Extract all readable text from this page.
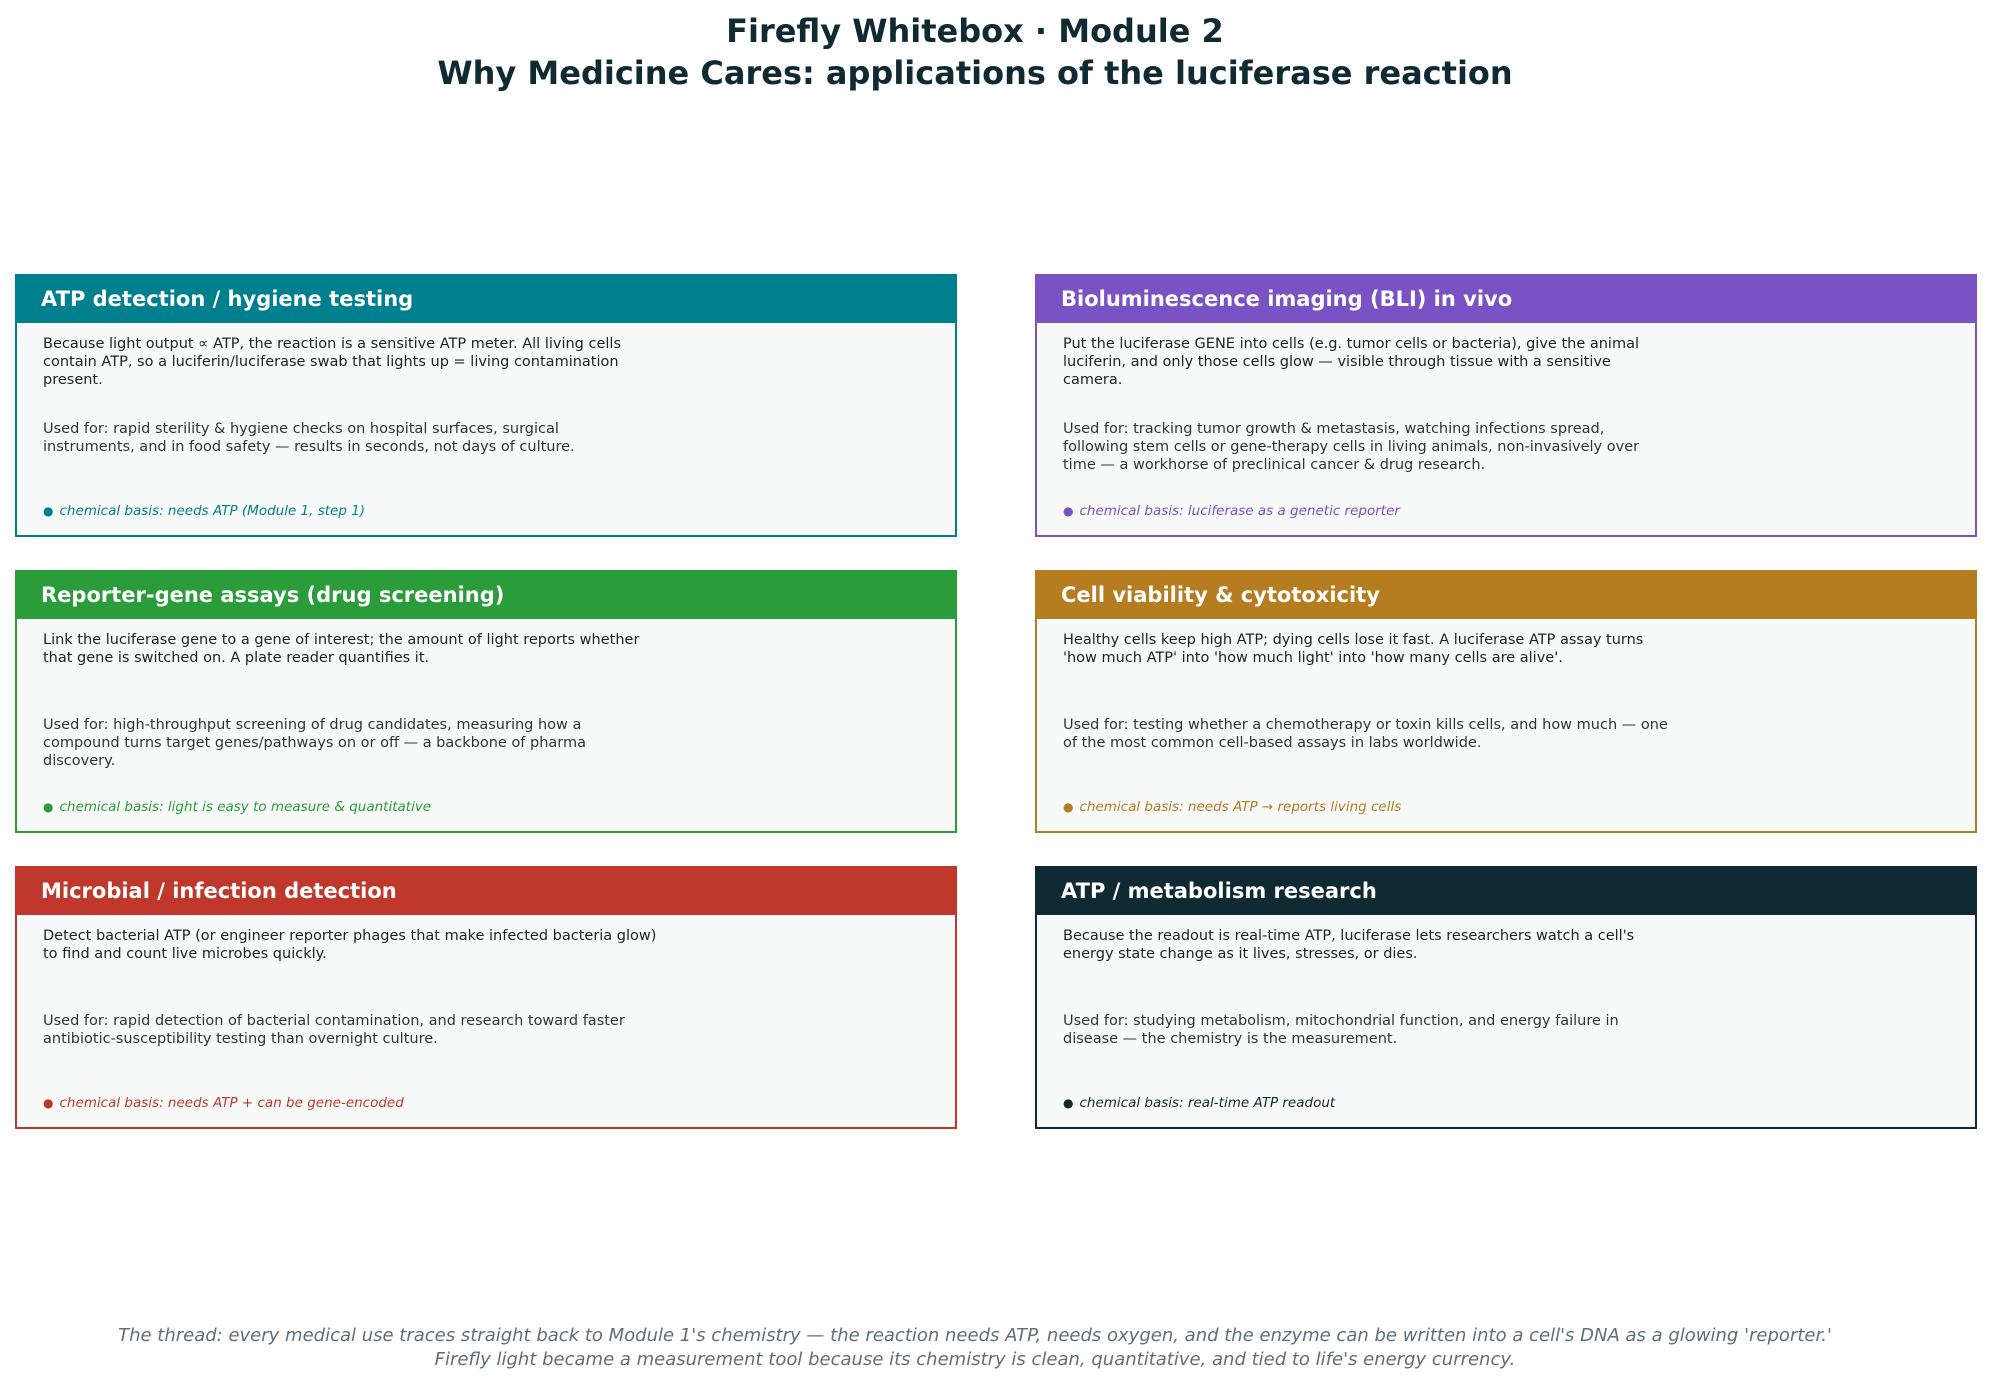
Firefly Whitebox · Module 2
Why Medicine Cares: applications of the luciferase reaction
ATP detection / hygiene testing
Because light output ∝ ATP, the reaction is a sensitive ATP meter. All living cells contain ATP, so a luciferin/luciferase swab that lights up = living contamination present.
Used for: rapid sterility & hygiene checks on hospital surfaces, surgical instruments, and in food safety — results in seconds, not days of culture.
● chemical basis: needs ATP (Module 1, step 1)
Bioluminescence imaging (BLI) in vivo
Put the luciferase GENE into cells (e.g. tumor cells or bacteria), give the animal luciferin, and only those cells glow — visible through tissue with a sensitive camera.
Used for: tracking tumor growth & metastasis, watching infections spread, following stem cells or gene-therapy cells in living animals, non-invasively over time — a workhorse of preclinical cancer & drug research.
● chemical basis: luciferase as a genetic reporter
Reporter-gene assays (drug screening)
Link the luciferase gene to a gene of interest; the amount of light reports whether that gene is switched on. A plate reader quantifies it.
Used for: high-throughput screening of drug candidates, measuring how a compound turns target genes/pathways on or off — a backbone of pharma discovery.
● chemical basis: light is easy to measure & quantitative
Cell viability & cytotoxicity
Healthy cells keep high ATP; dying cells lose it fast. A luciferase ATP assay turns 'how much ATP' into 'how much light' into 'how many cells are alive'.
Used for: testing whether a chemotherapy or toxin kills cells, and how much — one of the most common cell-based assays in labs worldwide.
● chemical basis: needs ATP → reports living cells
Microbial / infection detection
Detect bacterial ATP (or engineer reporter phages that make infected bacteria glow) to find and count live microbes quickly.
Used for: rapid detection of bacterial contamination, and research toward faster antibiotic-susceptibility testing than overnight culture.
● chemical basis: needs ATP + can be gene-encoded
ATP / metabolism research
Because the readout is real-time ATP, luciferase lets researchers watch a cell's energy state change as it lives, stresses, or dies.
Used for: studying metabolism, mitochondrial function, and energy failure in disease — the chemistry is the measurement.
● chemical basis: real-time ATP readout
The thread: every medical use traces straight back to Module 1's chemistry — the reaction needs ATP, needs oxygen, and the enzyme can be written into a cell's DNA as a glowing 'reporter.'
Firefly light became a measurement tool because its chemistry is clean, quantitative, and tied to life's energy currency.
